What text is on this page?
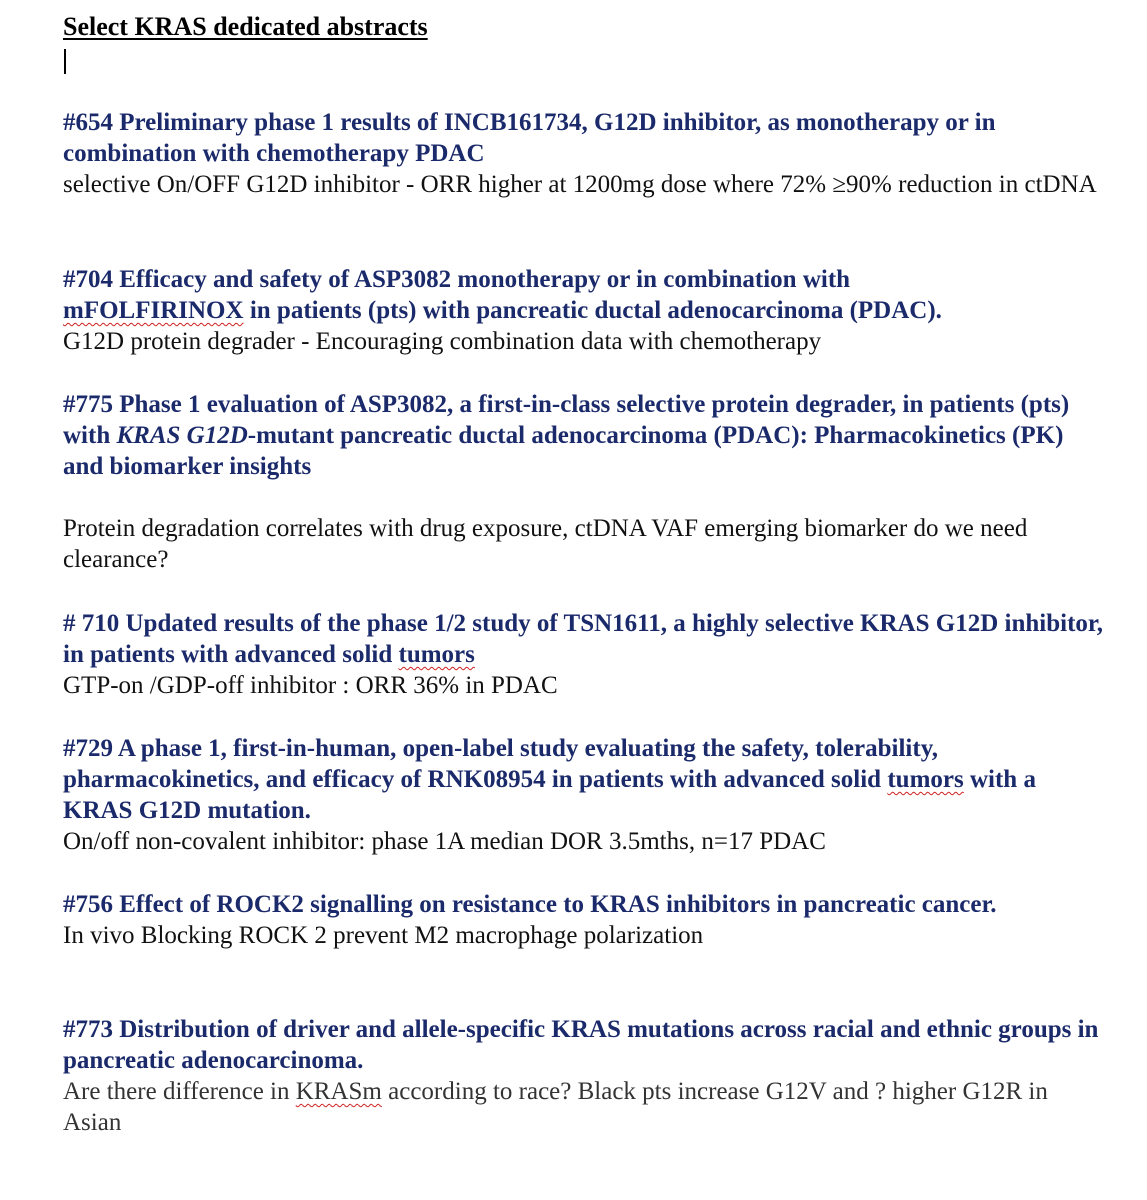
Select KRAS dedicated abstracts

#654 Preliminary phase 1 results of INCB161734, G12D inhibitor, as monotherapy or in combination with chemotherapy PDAC

selective On/OFF G12D inhibitor - ORR higher at 1200mg dose where 72% ≥90% reduction in ctDNA

#704 Efficacy and safety of ASP3082 monotherapy or in combination with
mFOLFIRINOX in patients (pts) with pancreatic ductal adenocarcinoma (PDAC).

G12D protein degrader - Encouraging combination data with chemotherapy

#775 Phase 1 evaluation of ASP3082, a first-in-class selective protein degrader, in patients (pts) with KRAS G12D-mutant pancreatic ductal adenocarcinoma (PDAC): Pharmacokinetics (PK) and biomarker insights

Protein degradation correlates with drug exposure, ctDNA VAF emerging biomarker do we need clearance?

# 710 Updated results of the phase 1/2 study of TSN1611, a highly selective KRAS G12D inhibitor, in patients with advanced solid tumors

GTP-on /GDP-off inhibitor : ORR 36% in PDAC

#729 A phase 1, first-in-human, open-label study evaluating the safety, tolerability, pharmacokinetics, and efficacy of RNK08954 in patients with advanced solid tumors with a KRAS G12D mutation.

On/off non-covalent inhibitor: phase 1A median DOR 3.5mths, n=17 PDAC

#756 Effect of ROCK2 signalling on resistance to KRAS inhibitors in pancreatic cancer.

In vivo Blocking ROCK 2 prevent M2 macrophage polarization

#773 Distribution of driver and allele-specific KRAS mutations across racial and ethnic groups in pancreatic adenocarcinoma.

Are there difference in KRASm according to race? Black pts increase G12V and ? higher G12R in Asian
